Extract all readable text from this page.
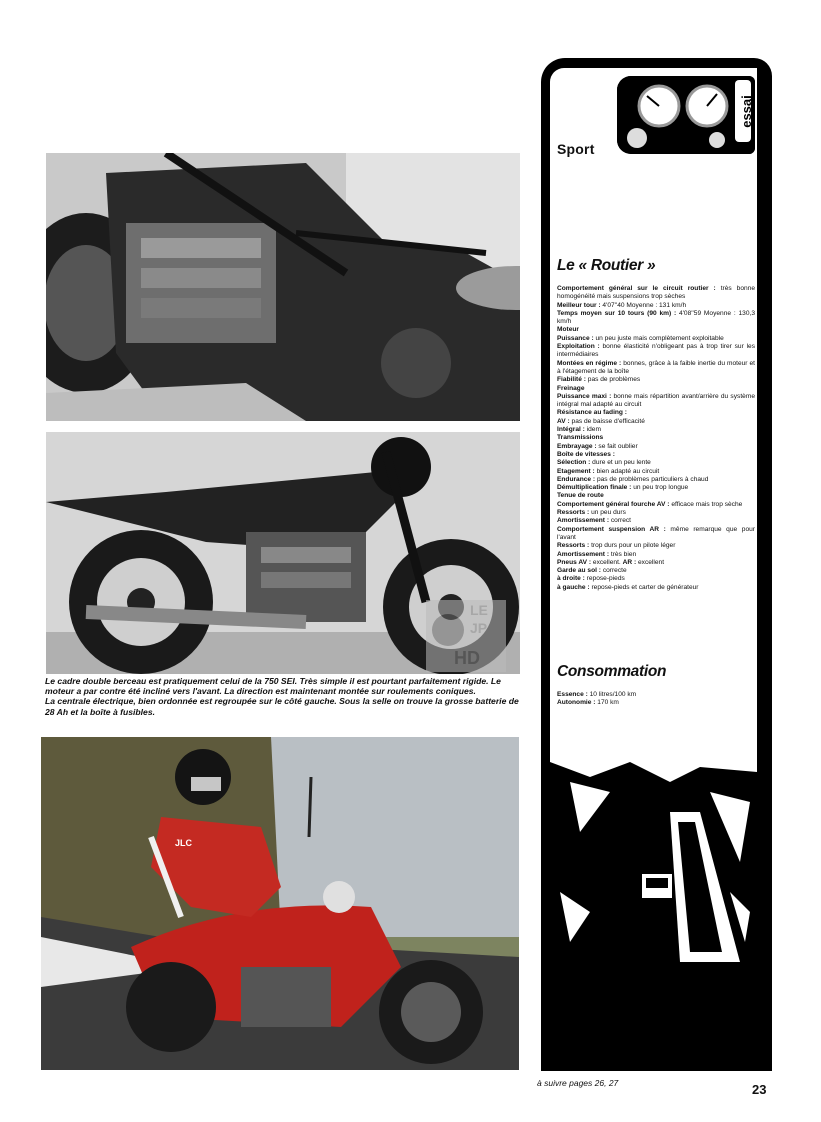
LE
JP
HD

Le cadre double berceau est pratiquement celui de la 750 SEI. Très simple il est pourtant parfaitement rigide. Le moteur a par contre été incliné vers l'avant. La direction est maintenant montée sur roulements coniques.

La centrale électrique, bien ordonnée est regroupée sur le côté gauche. Sous la selle on trouve la grosse batterie de 28 Ah et la boîte à fusibles.

JLC
essai
Sport
Le « Routier »
Comportement général sur le circuit routier : très bonne homogénéité mais suspensions trop sèches
Meilleur tour : 4'07''40 Moyenne : 131 km/h
Temps moyen sur 10 tours (90 km) : 4'08''59 Moyenne : 130,3 km/h
Moteur
Puissance : un peu juste mais complètement exploitable
Exploitation : bonne élasticité n'obligeant pas à trop tirer sur les intermédiaires
Montées en régime : bonnes, grâce à la faible inertie du moteur et à l'étagement de la boîte
Fiabilité : pas de problèmes
Freinage
Puissance maxi : bonne mais répartition avant/arrière du système intégral mal adapté au circuit
Résistance au fading :
AV : pas de baisse d'efficacité
Intégral : idem
Transmissions
Embrayage : se fait oublier
Boîte de vitesses :
Sélection : dure et un peu lente
Etagement : bien adapté au circuit
Endurance : pas de problèmes particuliers à chaud
Démultiplication finale : un peu trop longue
Tenue de route
Comportement général fourche AV : efficace mais trop sèche
Ressorts : un peu durs
Amortissement : correct
Comportement suspension AR : même remarque que pour l'avant
Ressorts : trop durs pour un pilote léger
Amortissement : très bien
Pneus AV : excellent. AR : excellent
Garde au sol : correcte
à droite : repose-pieds
à gauche : repose-pieds et carter de générateur
Consommation
Essence : 10 litres/100 km
Autonomie : 170 km
à suivre pages 26, 27	23
